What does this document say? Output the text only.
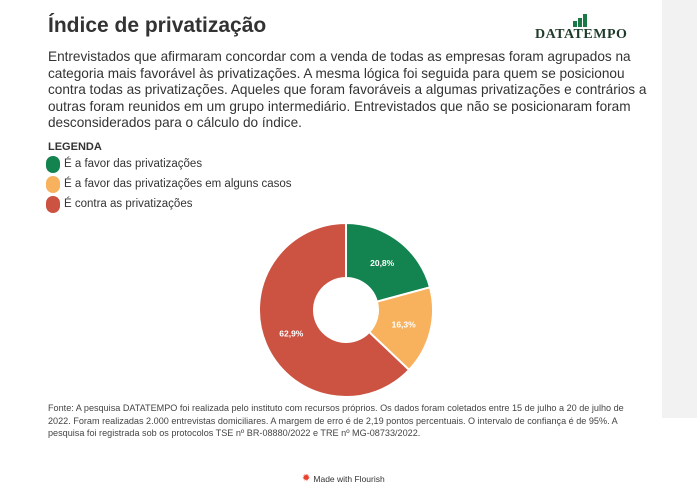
Índice de privatização	DATATEMPO

Entrevistados que afirmaram concordar com a venda de todas as empresas foram agrupados na categoria mais favorável às privatizações. A mesma lógica foi seguida para quem se posicionou contra todas as privatizações. Aqueles que foram favoráveis a algumas privatizações e contrários a outras foram reunidos em um grupo intermediário. Entrevistados que não se posicionaram foram desconsiderados para o cálculo do índice.

LEGENDA
É a favor das privatizações
É a favor das privatizações em alguns casos
É contra as privatizações
20,8%
16,3%
62,9%
Fonte: A pesquisa DATATEMPO foi realizada pelo instituto com recursos próprios. Os dados foram coletados entre 15 de julho a 20 de julho de 2022. Foram realizadas 2.000 entrevistas domiciliares. A margem de erro é de 2,19 pontos percentuais. O intervalo de confiança é de 95%. A pesquisa foi registrada sob os protocolos TSE nº BR-08880/2022 e TRE nº MG-08733/2022.
✹ Made with Flourish
